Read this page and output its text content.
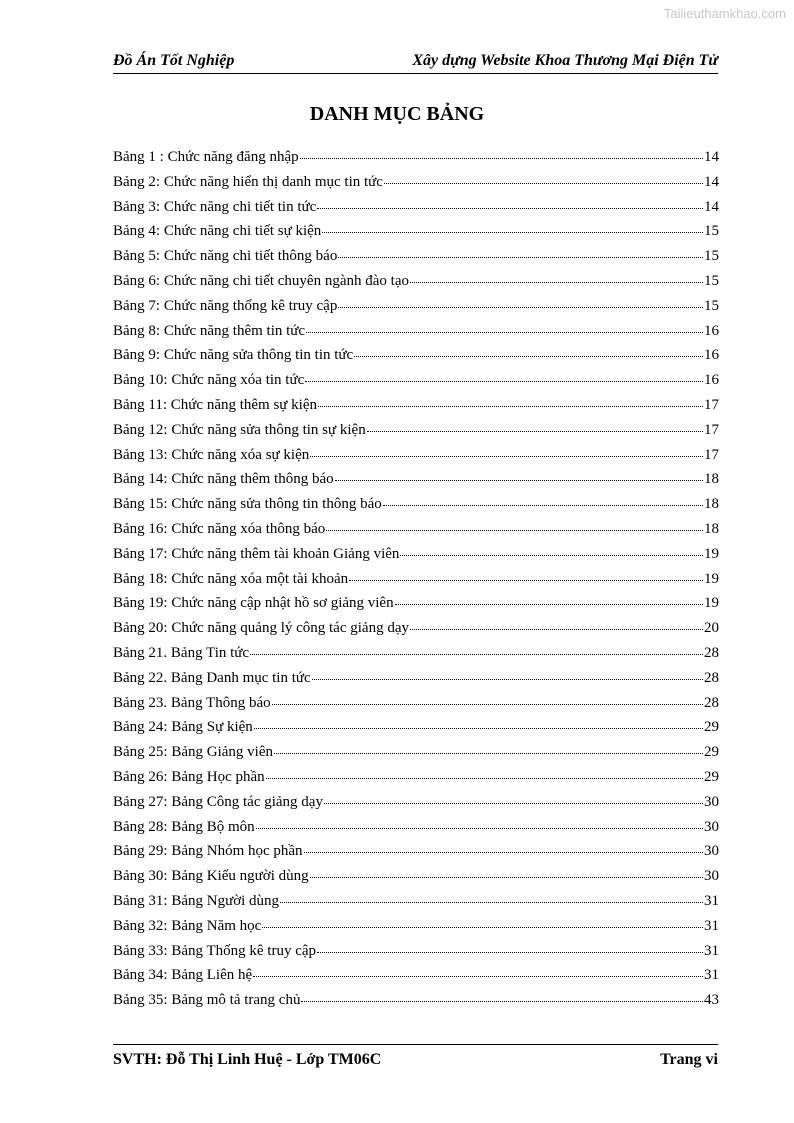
Tailieuthamkhao.com
Đồ Án Tốt Nghiệp	Xây dựng Website Khoa Thương Mại Điện Tử
DANH MỤC BẢNG
Bảng 1 : Chức năng đăng nhập	14
Bảng 2: Chức năng hiển thị danh mục tin tức	14
Bảng 3: Chức năng chi tiết tin tức	14
Bảng 4: Chức năng chi tiết sự kiện	15
Bảng 5: Chức năng chi tiết thông báo	15
Bảng 6: Chức năng chi tiết chuyên ngành đào tạo	15
Bảng 7: Chức năng thống kê truy cập	15
Bảng 8: Chức năng thêm tin tức	16
Bảng 9: Chức năng sửa thông tin tin tức	16
Bảng 10: Chức năng xóa tin tức	16
Bảng 11: Chức năng thêm sự kiện	17
Bảng 12: Chức năng sửa thông tin sự kiện	17
Bảng 13: Chức năng xóa sự kiện	17
Bảng 14: Chức năng thêm thông báo	18
Bảng 15: Chức năng sửa thông tin thông báo	18
Bảng 16: Chức năng xóa thông báo	18
Bảng 17: Chức năng thêm tài khoản Giảng viên	19
Bảng 18: Chức năng xóa một tài khoản	19
Bảng 19: Chức năng cập nhật hồ sơ giảng viên	19
Bảng 20: Chức năng quảng lý công tác giảng dạy	20
Bảng 21. Bảng Tin tức	28
Bảng 22. Bảng Danh mục tin tức	28
Bảng 23. Bảng Thông báo	28
Bảng 24: Bảng Sự kiện	29
Bảng 25: Bảng Giảng viên	29
Bảng 26: Bảng Học phần	29
Bảng 27: Bảng Công tác giảng dạy	30
Bảng 28: Bảng Bộ môn	30
Bảng 29: Bảng Nhóm học phần	30
Bảng 30: Bảng Kiểu người dùng	30
Bảng 31: Bảng Người dùng	31
Bảng 32: Bảng Năm học	31
Bảng 33: Bảng Thống kê truy cập	31
Bảng 34: Bảng Liên hệ	31
Bảng 35: Bảng mô tả trang chủ	43
SVTH: Đỗ Thị Linh Huệ - Lớp TM06C	Trang vi
